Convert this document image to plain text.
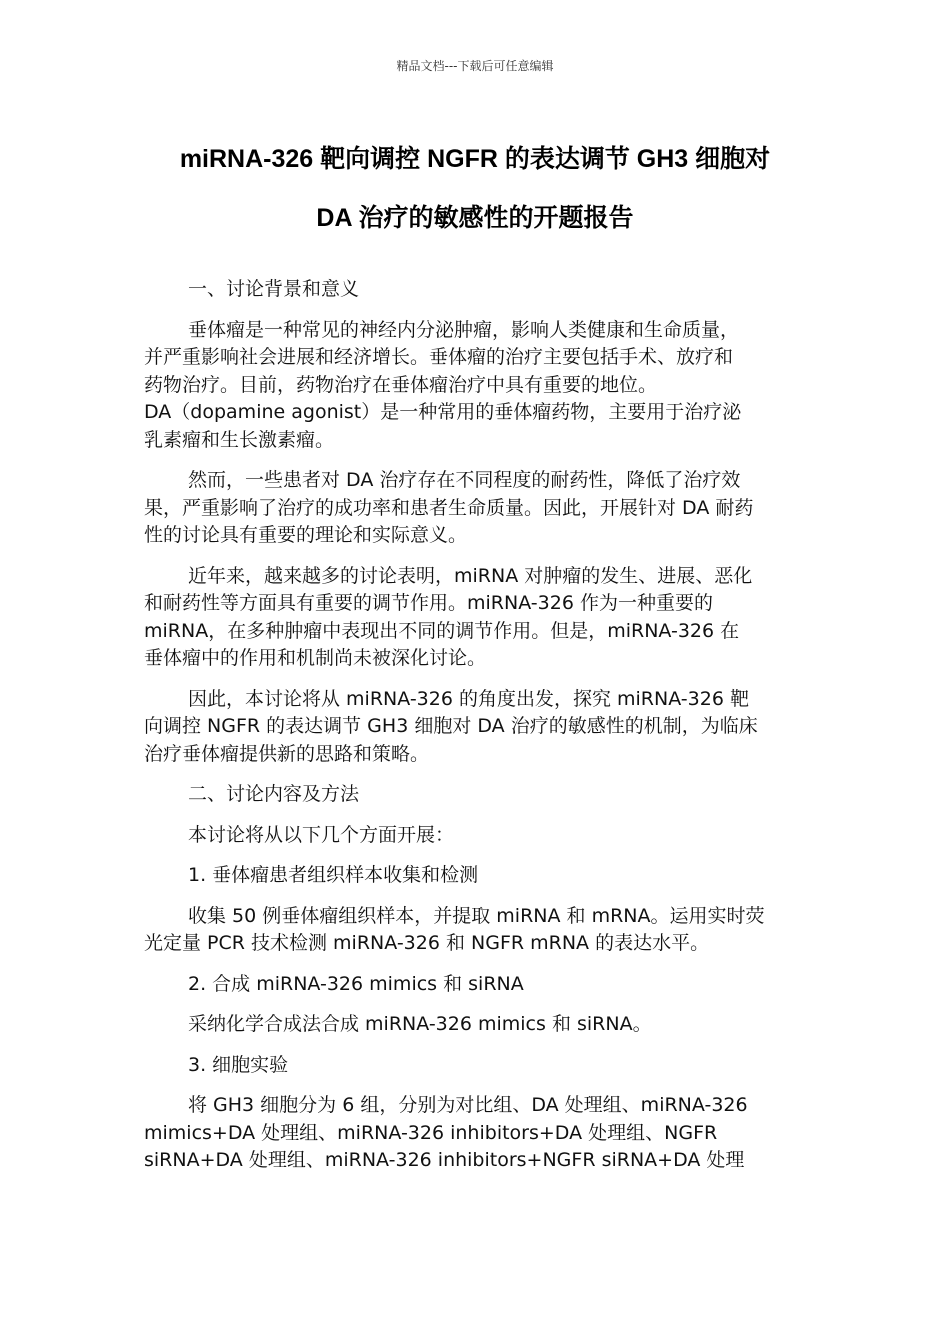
精品文档---下载后可任意编辑
miRNA-326 靶向调控 NGFR 的表达调节 GH3 细胞对
DA 治疗的敏感性的开题报告

一、讨论背景和意义

垂体瘤是一种常见的神经内分泌肿瘤，影响人类健康和生命质量，
并严重影响社会进展和经济增长。垂体瘤的治疗主要包括手术、放疗和
药物治疗。目前，药物治疗在垂体瘤治疗中具有重要的地位。
DA（dopamine agonist）是一种常用的垂体瘤药物，主要用于治疗泌
乳素瘤和生长激素瘤。

然而，一些患者对 DA 治疗存在不同程度的耐药性，降低了治疗效
果，严重影响了治疗的成功率和患者生命质量。因此，开展针对 DA 耐药
性的讨论具有重要的理论和实际意义。

近年来，越来越多的讨论表明，miRNA 对肿瘤的发生、进展、恶化
和耐药性等方面具有重要的调节作用。miRNA-326 作为一种重要的
miRNA，在多种肿瘤中表现出不同的调节作用。但是，miRNA-326 在
垂体瘤中的作用和机制尚未被深化讨论。

因此，本讨论将从 miRNA-326 的角度出发，探究 miRNA-326 靶
向调控 NGFR 的表达调节 GH3 细胞对 DA 治疗的敏感性的机制，为临床
治疗垂体瘤提供新的思路和策略。

二、讨论内容及方法

本讨论将从以下几个方面开展：

1. 垂体瘤患者组织样本收集和检测

收集 50 例垂体瘤组织样本，并提取 miRNA 和 mRNA。运用实时荧
光定量 PCR 技术检测 miRNA-326 和 NGFR mRNA 的表达水平。

2. 合成 miRNA-326 mimics 和 siRNA

采纳化学合成法合成 miRNA-326 mimics 和 siRNA。

3. 细胞实验

将 GH3 细胞分为 6 组，分别为对比组、DA 处理组、miRNA-326
mimics+DA 处理组、miRNA-326 inhibitors+DA 处理组、NGFR
siRNA+DA 处理组、miRNA-326 inhibitors+NGFR siRNA+DA 处理
